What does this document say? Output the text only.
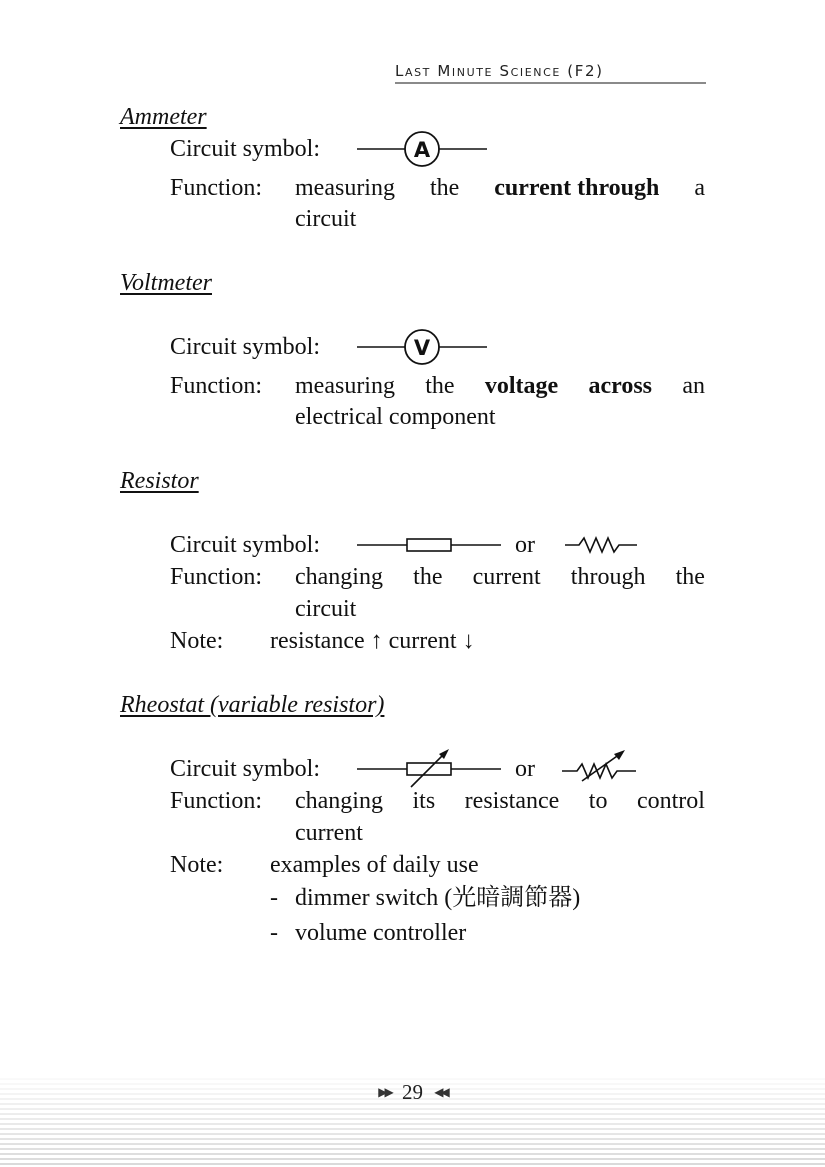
Last Minute Science (F2)
Ammeter
Circuit symbol:	A
Function: measuring the current through a
circuit
Voltmeter
Circuit symbol:	V
Function: measuring the voltage across an
electrical component
Resistor
Circuit symbol:	or
Function: changing the current through the
circuit
Note: resistance ↑ current ↓
Rheostat (variable resistor)
Circuit symbol:	or
Function: changing its resistance to control
current
Note: examples of daily use
- dimmer switch (光暗調節器)
- volume controller
▶▶ 29 ◀◀
